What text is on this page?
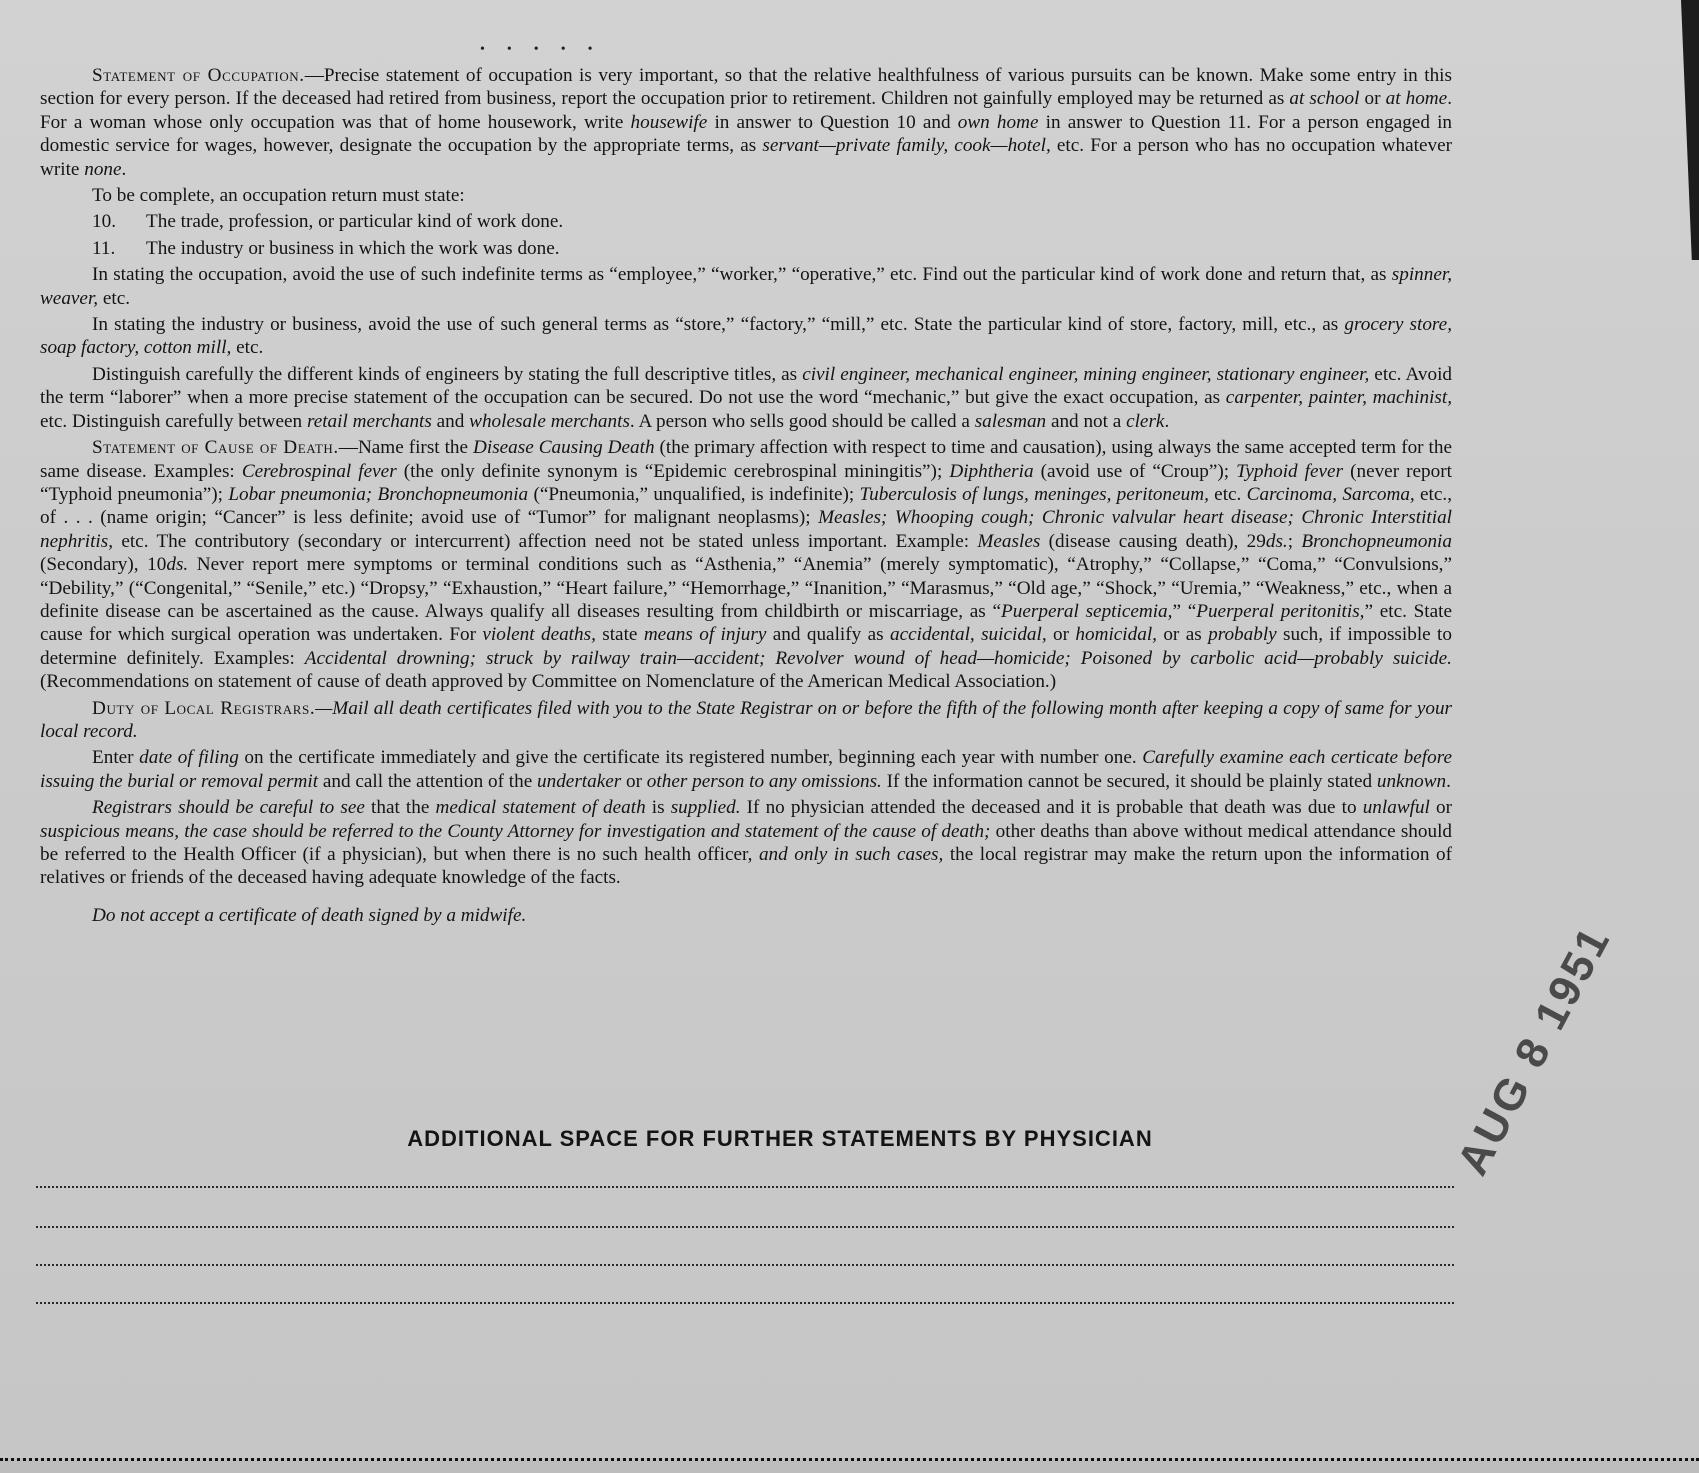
•••••

Statement of Occupation.—Precise statement of occupation is very important, so that the relative healthfulness of various pursuits can be known. Make some entry in this section for every person. If the deceased had retired from business, report the occupation prior to retirement. Children not gainfully employed may be returned as at school or at home. For a woman whose only occupation was that of home housework, write housewife in answer to Question 10 and own home in answer to Question 11. For a person engaged in domestic service for wages, however, designate the occupation by the appropriate terms, as servant—private family, cook—hotel, etc. For a person who has no occupation whatever write none.

To be complete, an occupation return must state:

10. The trade, profession, or particular kind of work done.
11. The industry or business in which the work was done.

In stating the occupation, avoid the use of such indefinite terms as “employee,” “worker,” “operative,” etc. Find out the particular kind of work done and return that, as spinner, weaver, etc.

In stating the industry or business, avoid the use of such general terms as “store,” “factory,” “mill,” etc. State the particular kind of store, factory, mill, etc., as grocery store, soap factory, cotton mill, etc.

Distinguish carefully the different kinds of engineers by stating the full descriptive titles, as civil engineer, mechanical engineer, mining engineer, stationary engineer, etc. Avoid the term “laborer” when a more precise statement of the occupation can be secured. Do not use the word “mechanic,” but give the exact occupation, as carpenter, painter, machinist, etc. Distinguish carefully between retail merchants and wholesale merchants. A person who sells good should be called a salesman and not a clerk.

Statement of Cause of Death.—Name first the Disease Causing Death (the primary affection with respect to time and causation), using always the same accepted term for the same disease. Examples: Cerebrospinal fever (the only definite synonym is “Epidemic cerebrospinal miningitis”); Diphtheria (avoid use of “Croup”); Typhoid fever (never report “Typhoid pneumonia”); Lobar pneumonia; Bronchopneumonia (“Pneumonia,” unqualified, is indefinite); Tuberculosis of lungs, meninges, peritoneum, etc. Carcinoma, Sarcoma, etc., of . . . (name origin; “Cancer” is less definite; avoid use of “Tumor” for malignant neoplasms); Measles; Whooping cough; Chronic valvular heart disease; Chronic Interstitial nephritis, etc. The contributory (secondary or intercurrent) affection need not be stated unless important. Example: Measles (disease causing death), 29ds.; Bronchopneumonia (Secondary), 10ds. Never report mere symptoms or terminal conditions such as “Asthenia,” “Anemia” (merely symptomatic), “Atrophy,” “Collapse,” “Coma,” “Convulsions,” “Debility,” (“Congenital,” “Senile,” etc.) “Dropsy,” “Exhaustion,” “Heart failure,” “Hemorrhage,” “Inanition,” “Marasmus,” “Old age,” “Shock,” “Uremia,” “Weakness,” etc., when a definite disease can be ascertained as the cause. Always qualify all diseases resulting from childbirth or miscarriage, as “Puerperal septicemia,” “Puerperal peritonitis,” etc. State cause for which surgical operation was undertaken. For violent deaths, state means of injury and qualify as accidental, suicidal, or homicidal, or as probably such, if impossible to determine definitely. Examples: Accidental drowning; struck by railway train—accident; Revolver wound of head—homicide; Poisoned by carbolic acid—probably suicide. (Recommendations on statement of cause of death approved by Committee on Nomenclature of the American Medical Association.)

Duty of Local Registrars.—Mail all death certificates filed with you to the State Registrar on or before the fifth of the following month after keeping a copy of same for your local record.

Enter date of filing on the certificate immediately and give the certificate its registered number, beginning each year with number one. Carefully examine each certicate before issuing the burial or removal permit and call the attention of the undertaker or other person to any omissions. If the information cannot be secured, it should be plainly stated unknown.

Registrars should be careful to see that the medical statement of death is supplied. If no physician attended the deceased and it is probable that death was due to unlawful or suspicious means, the case should be referred to the County Attorney for investigation and statement of the cause of death; other deaths than above without medical attendance should be referred to the Health Officer (if a physician), but when there is no such health officer, and only in such cases, the local registrar may make the return upon the information of relatives or friends of the deceased having adequate knowledge of the facts.

Do not accept a certificate of death signed by a midwife.

ADDITIONAL SPACE FOR FURTHER STATEMENTS BY PHYSICIAN	AUG 8 1951
